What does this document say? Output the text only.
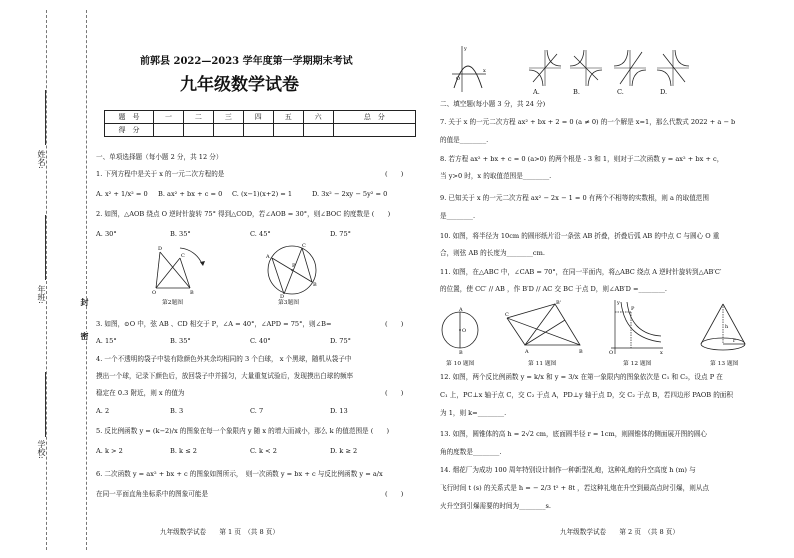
姓名:
年班:
学校:
封
密
前郭县 2022—2023 学年度第一学期期末考试
九年级数学试卷
题　号	一	二	三	四	五	六	总　分
得　分							
一、单项选择题（每小题 2 分，共 12 分）
1. 下列方程中是关于 x 的一元二次方程的是	(　　)
A. x² + 1/x² = 0 B. ax² + bx + c = 0 C. (x−1)(x+2) = 1	D. 3x² − 2xy − 5y² = 0
2. 如图，△AOB 绕点 O 逆时针旋转 75° 得到△COD，若∠AOB = 30°，则∠BOC 的度数是 (　　)
A. 30°	B. 35°	C. 45°	D. 75°
O	B
D
C
第2题图
A
B
C
D
P
第3题图
3. 如图，⊙O 中，弦 AB 、CD 相交于 P，∠A = 40°，∠APD = 75°，则∠B=	(　　)
A. 15°	B. 35°	C. 40°	D. 75°
4. 一个不透明的袋子中装有除颜色外其余均相同的 3 个白球， x 个黑球，随机从袋子中
摸出一个球，记录下颜色后，放回袋子中并摇匀，大量重复试验后，发现摸出白球的频率
稳定在 0.3 附近，则 x 的值为	(　　)
A. 2	B. 3	C. 7	D. 13
5. 反比例函数 y = (k−2)/x 的图象在每一个象限内 y 随 x 的增大而减小，那么 k 的值范围是 (　　)
A. k > 2	B. k ≤ 2	C. k < 2	D. k ≥ 2
6. 二次函数 y = ax² + bx + c 的图象如图所示，　则一次函数 y = bx + c 与反比例函数 y = a/x
在同一平面直角坐标系中的图象可能是	(　　)
九年级数学试卷　　第 1 页　（共 8 页）
y
x
O
A.	B.	C.	D.
二、填空题(每小题 3 分，共 24 分)
7. 关于 x 的一元二次方程 ax² + bx + 2 = 0 (a ≠ 0) 的一个解是 x=1，那么代数式 2022 + a − b
的值是________.
8. 若方程 ax² + bx + c = 0 (a>0) 的两个根是 - 3 和 1，则对于二次函数 y = ax² + bx + c，
当 y>0 时，x 的取值范围是________.
9. 已知关于 x 的一元二次方程 ax² − 2x − 1 = 0 有两个不相等的实数根，则 a 的取值范围
是________.
10. 如图，将半径为 10cm 的圆形纸片沿一条弦 AB 折叠，折叠后弧 AB 的中点 C 与圆心 O 重
合，则弦 AB 的长度为________cm.
11. 如图，在△ABC 中，∠CAB = 70°，在同一平面内，将△ABC 绕点 A 逆时针旋转到△AB′C′
的位置，使 CC′ // AB ，作 B′D // AC 交 BC 于点 D，则∠AB′D =________.
O
A
B
B'
C
A	B	O
y
P
x
h
r
第 10 题图	第 11 题图	第 12 题图	第 13 题图
12. 如图，两个反比例函数 y = k/x 和 y = 3/x 在第一象限内的图象依次是 C₁ 和 C₂，设点 P 在
C₁ 上，PC⊥x 轴于点 C，交 C₂ 于点 A，PD⊥y 轴于点 D，交 C₂ 于点 B，若四边形 PAOB 的面积
为 1，则 k=________.
13. 如图，圆锥体的高 h = 2√2 cm，底面圆半径 r = 1cm，则圆锥体的侧面展开图的圆心
角的度数是________.
14. 烟花厂为成功 100 周年特别设计制作一种新型礼炮，这种礼炮的升空高度 h (m) 与
飞行时间 t (s) 的关系式是 h = − 2/3 t² + 8t ，若这种礼炮在升空到最高点时引爆，则从点
火升空到引爆需要的时间为________s.
九年级数学试卷　　第 2 页　（共 8 页）
